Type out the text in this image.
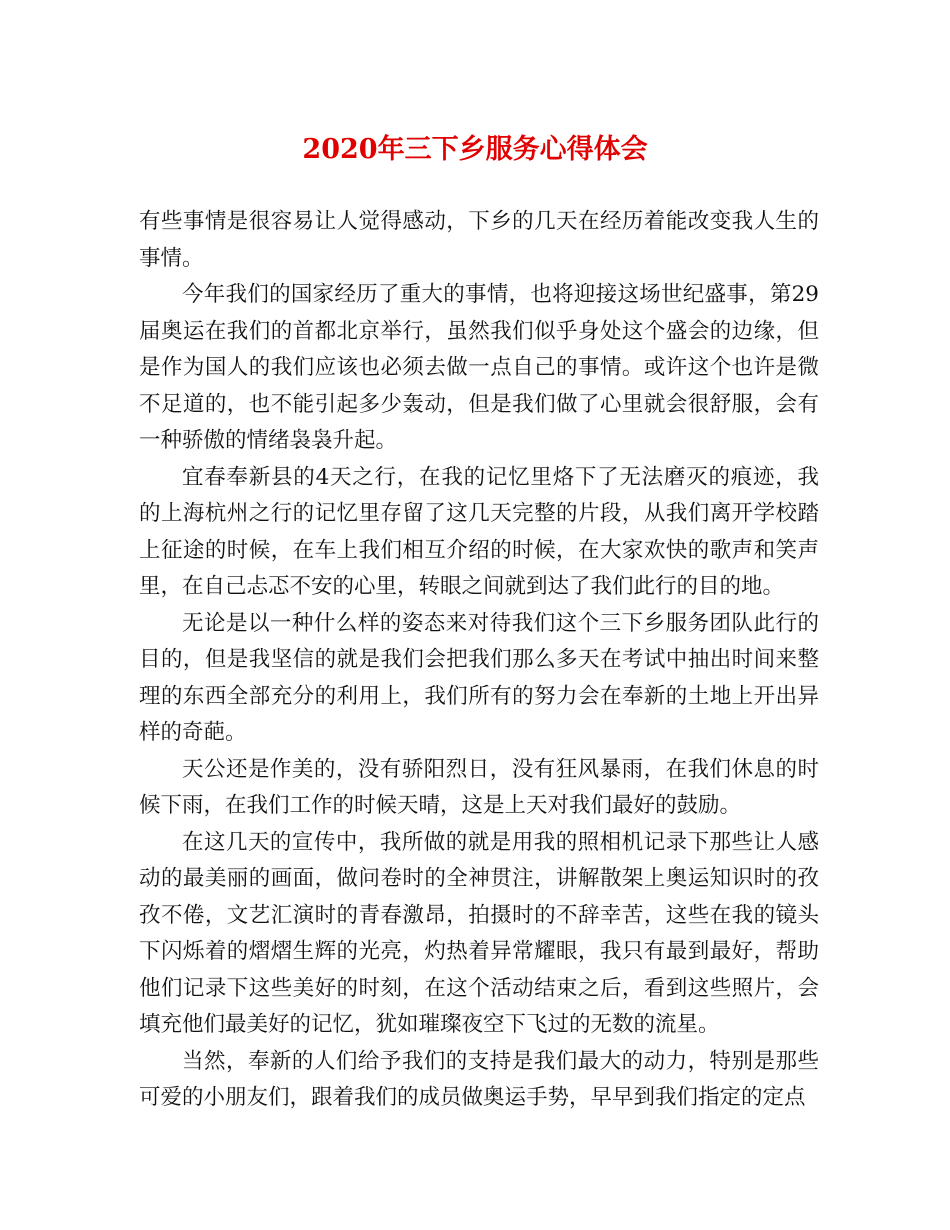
2020年三下乡服务心得体会

有些事情是很容易让人觉得感动，下乡的几天在经历着能改变我人生的事情。

今年我们的国家经历了重大的事情，也将迎接这场世纪盛事，第29届奥运在我们的首都北京举行，虽然我们似乎身处这个盛会的边缘，但是作为国人的我们应该也必须去做一点自己的事情。或许这个也许是微不足道的，也不能引起多少轰动，但是我们做了心里就会很舒服，会有一种骄傲的情绪袅袅升起。

宜春奉新县的4天之行，在我的记忆里烙下了无法磨灭的痕迹，我的上海杭州之行的记忆里存留了这几天完整的片段，从我们离开学校踏上征途的时候，在车上我们相互介绍的时候，在大家欢快的歌声和笑声里，在自己忐忑不安的心里，转眼之间就到达了我们此行的目的地。

无论是以一种什么样的姿态来对待我们这个三下乡服务团队此行的目的，但是我坚信的就是我们会把我们那么多天在考试中抽出时间来整理的东西全部充分的利用上，我们所有的努力会在奉新的土地上开出异样的奇葩。

天公还是作美的，没有骄阳烈日，没有狂风暴雨，在我们休息的时候下雨，在我们工作的时候天晴，这是上天对我们最好的鼓励。

在这几天的宣传中，我所做的就是用我的照相机记录下那些让人感动的最美丽的画面，做问卷时的全神贯注，讲解散架上奥运知识时的孜孜不倦，文艺汇演时的青春激昂，拍摄时的不辞幸苦，这些在我的镜头下闪烁着的熠熠生辉的光亮，灼热着异常耀眼，我只有最到最好，帮助他们记录下这些美好的时刻，在这个活动结束之后，看到这些照片，会填充他们最美好的记忆，犹如璀璨夜空下飞过的无数的流星。

当然，奉新的人们给予我们的支持是我们最大的动力，特别是那些可爱的小朋友们，跟着我们的成员做奥运手势，早早到我们指定的定点
